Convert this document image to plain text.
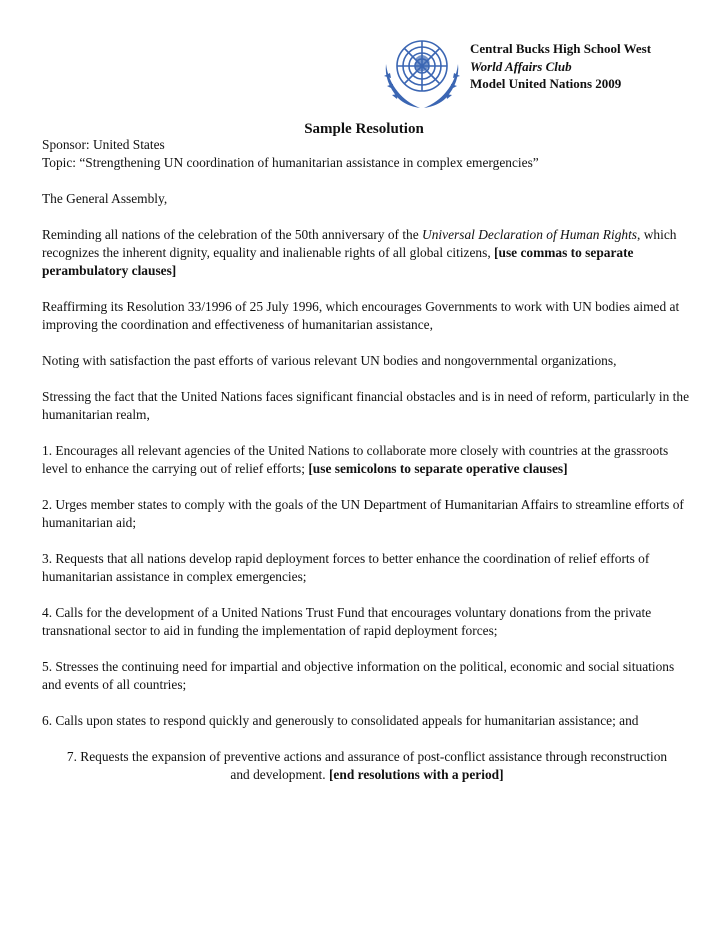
Central Bucks High School West
World Affairs Club
Model United Nations 2009
Sample Resolution

Sponsor: United States

Topic: “Strengthening UN coordination of humanitarian assistance in complex emergencies”

The General Assembly,

Reminding all nations of the celebration of the 50th anniversary of the Universal Declaration of Human Rights, which recognizes the inherent dignity, equality and inalienable rights of all global citizens, [use commas to separate perambulatory clauses]

Reaffirming its Resolution 33/1996 of 25 July 1996, which encourages Governments to work with UN bodies aimed at improving the coordination and effectiveness of humanitarian assistance,

Noting with satisfaction the past efforts of various relevant UN bodies and nongovernmental organizations,

Stressing the fact that the United Nations faces significant financial obstacles and is in need of reform, particularly in the humanitarian realm,

1. Encourages all relevant agencies of the United Nations to collaborate more closely with countries at the grassroots level to enhance the carrying out of relief efforts; [use semicolons to separate operative clauses]

2. Urges member states to comply with the goals of the UN Department of Humanitarian Affairs to streamline efforts of humanitarian aid;

3. Requests that all nations develop rapid deployment forces to better enhance the coordination of relief efforts of humanitarian assistance in complex emergencies;

4. Calls for the development of a United Nations Trust Fund that encourages voluntary donations from the private transnational sector to aid in funding the implementation of rapid deployment forces;

5. Stresses the continuing need for impartial and objective information on the political, economic and social situations and events of all countries;

6. Calls upon states to respond quickly and generously to consolidated appeals for humanitarian assistance; and

7. Requests the expansion of preventive actions and assurance of post-conflict assistance through reconstruction
and development. [end resolutions with a period]
